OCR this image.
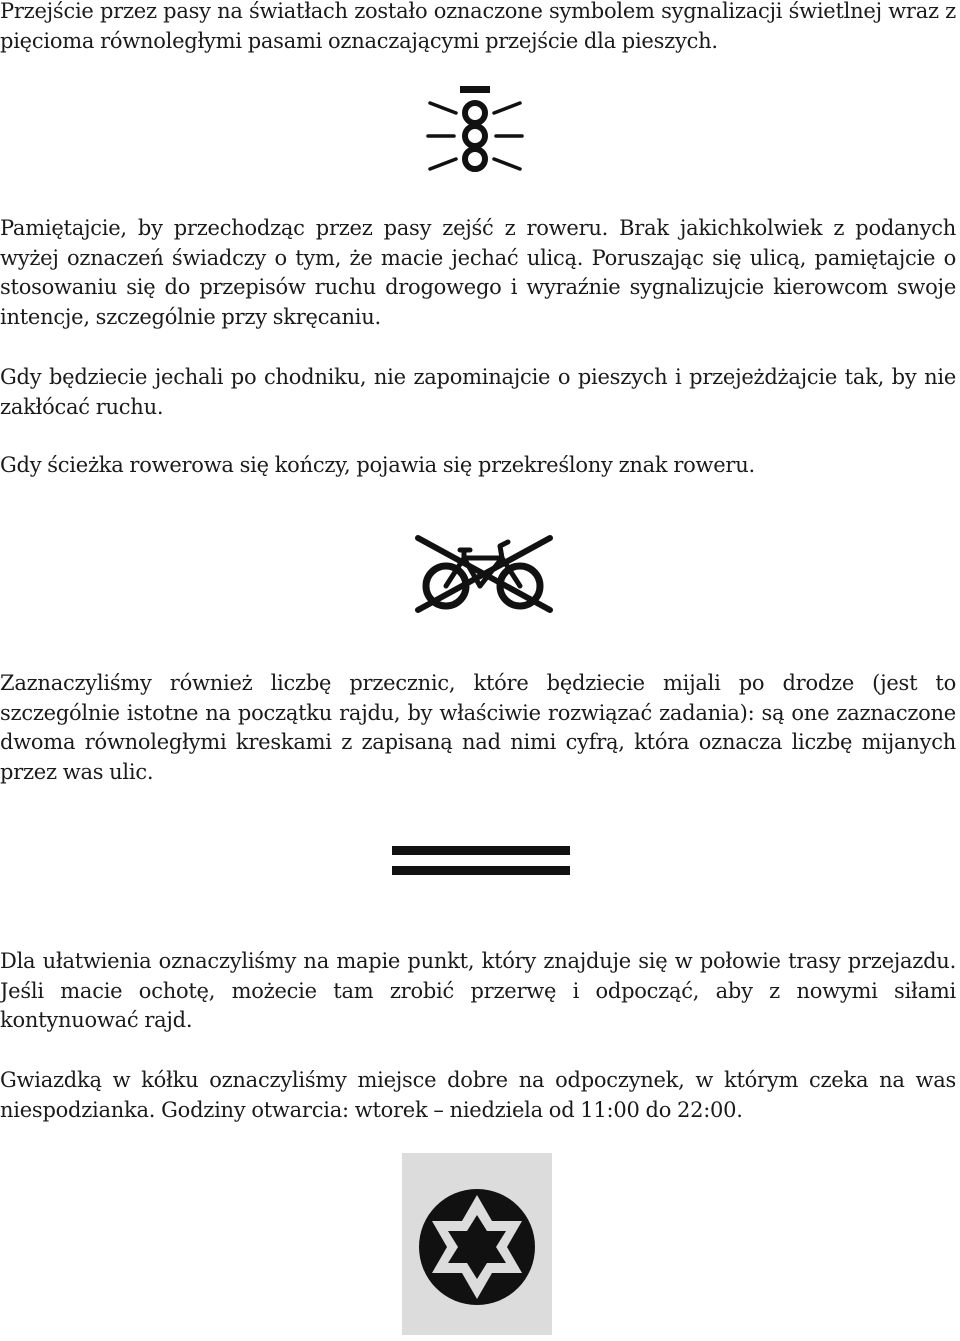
Przejście przez pasy na światłach zostało oznaczone symbolem sygnalizacji świetlnej wraz z pięcioma równoległymi pasami oznaczającymi przejście dla pieszych.

Pamiętajcie, by przechodząc przez pasy zejść z roweru. Brak jakichkolwiek z podanych wyżej oznaczeń świadczy o tym, że macie jechać ulicą. Poruszając się ulicą, pamiętajcie o stosowaniu się do przepisów ruchu drogowego i wyraźnie sygnalizujcie kierowcom swoje intencje, szczególnie przy skręcaniu.

Gdy będziecie jechali po chodniku, nie zapominajcie o pieszych i przejeżdżajcie tak, by nie zakłócać ruchu.

Gdy ścieżka rowerowa się kończy, pojawia się przekreślony znak roweru.

Zaznaczyliśmy również liczbę przecznic, które będziecie mijali po drodze (jest to szczególnie istotne na początku rajdu, by właściwie rozwiązać zadania): są one zaznaczone dwoma równoległymi kreskami z zapisaną nad nimi cyfrą, która oznacza liczbę mijanych przez was ulic.

Dla ułatwienia oznaczyliśmy na mapie punkt, który znajduje się w połowie trasy przejazdu. Jeśli macie ochotę, możecie tam zrobić przerwę i odpocząć, aby z nowymi siłami kontynuować rajd.

Gwiazdką w kółku oznaczyliśmy miejsce dobre na odpoczynek, w którym czeka na was niespodzianka. Godziny otwarcia: wtorek – niedziela od 11:00 do 22:00.
